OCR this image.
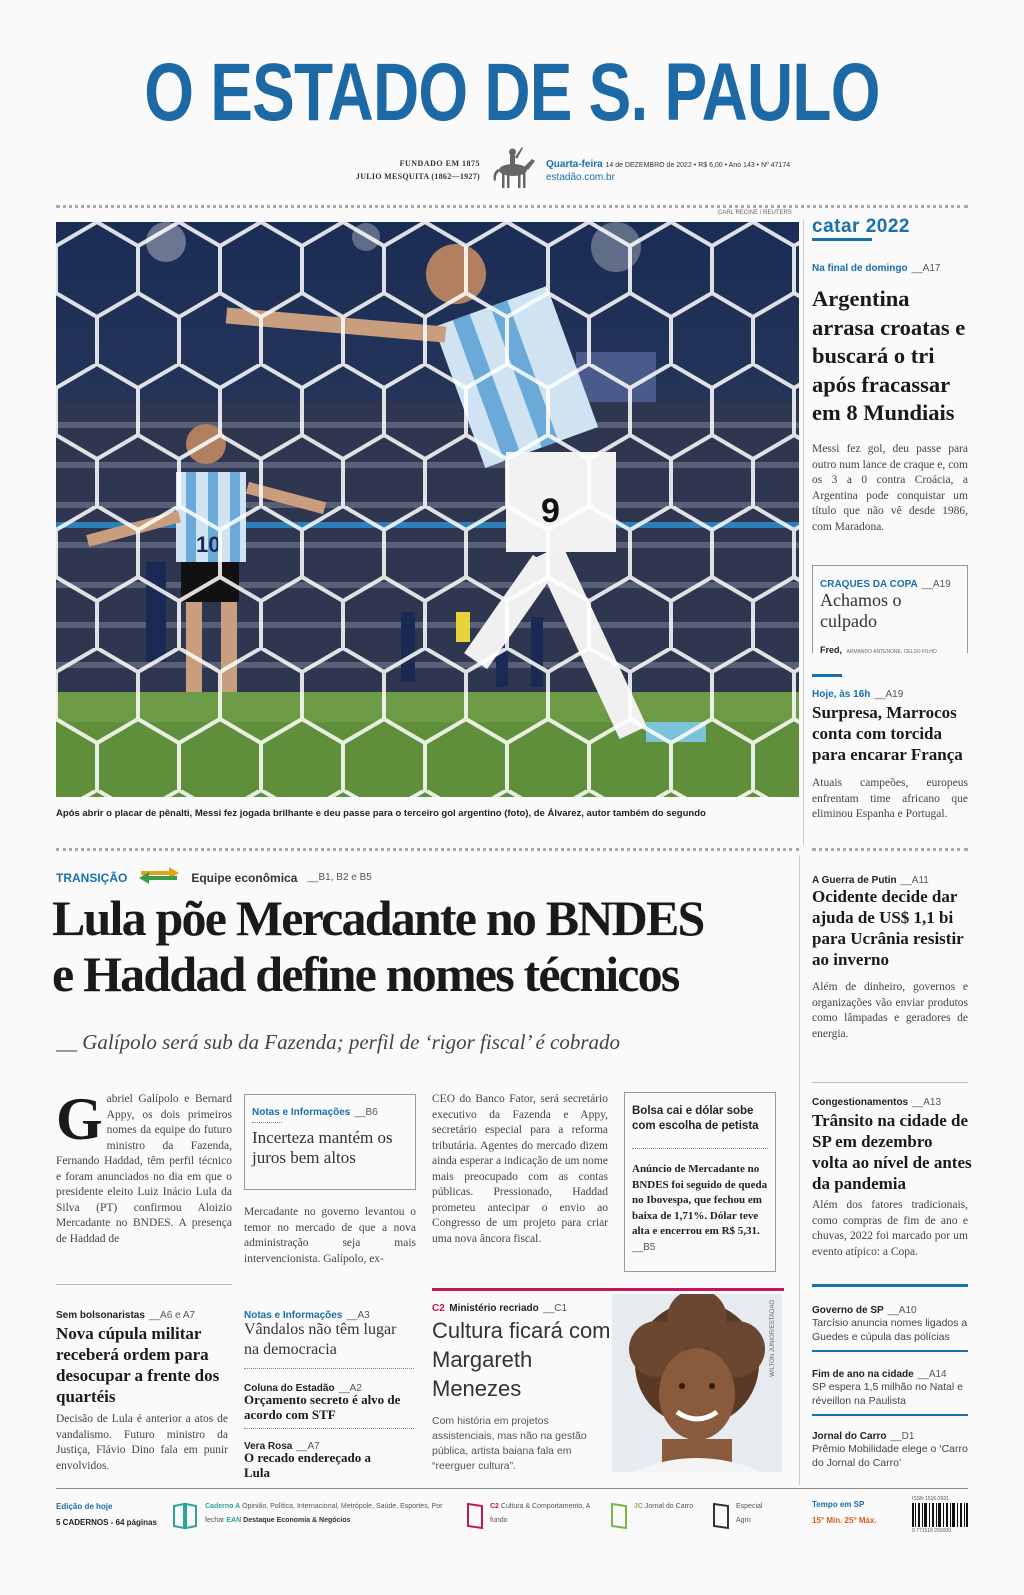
O ESTADO DE S. PAULO
FUNDADO EM 1875
JULIO MESQUITA (1862—1927)
Quarta-feira 14 de DEZEMBRO de 2022 • R$ 6,00 • Ano 143 • Nº 47174
estadão.com.br
CARL RECINE / REUTERS
Após abrir o placar de pênalti, Messi fez jogada brilhante e deu passe para o terceiro gol argentino (foto), de Álvarez, autor também do segundo
catar 2022
Na final de domingo __A17
Argentina arrasa croatas e buscará o tri após fracassar em 8 Mundiais
Messi fez gol, deu passe para outro num lance de craque e, com os 3 a 0 contra Croácia, a Argentina pode conquistar um título que não vê desde 1986, com Maradona.
CRAQUES DA COPA __A19
Achamos o culpado
Fred, ARMANDO ANTENORE, CELSO FILHO
Hoje, às 16h __A19
Surpresa, Marrocos conta com torcida para encarar França
Atuais campeões, europeus enfrentam time africano que eliminou Espanha e Portugal.
TRANSIÇÃO	Equipe econômica __B1, B2 e B5
Lula põe Mercadante no BNDES
e Haddad define nomes técnicos
__ Galípolo será sub da Fazenda; perfil de ‘rigor fiscal’ é cobrado
G abriel Galípolo e Bernard Appy, os dois primeiros nomes da equipe do futuro ministro da Fazenda, Fernando Haddad, têm perfil técnico e foram anunciados no dia em que o presidente eleito Luiz Inácio Lula da Silva (PT) confirmou Aloizio Mercadante no BNDES. A presença de Haddad de
Notas e Informações __B6
Incerteza mantém os juros bem altos
Mercadante no governo levantou o temor no mercado de que a nova administração seja mais intervencionista. Galípolo, ex-
CEO do Banco Fator, será secretário executivo da Fazenda e Appy, secretário especial para a reforma tributária. Agentes do mercado dizem ainda esperar a indicação de um nome mais preocupado com as contas públicas. Pressionado, Haddad prometeu antecipar o envio ao Congresso de um projeto para criar uma nova âncora fiscal.
Bolsa cai e dólar sobe com escolha de petista
Anúncio de Mercadante no BNDES foi seguido de queda no Ibovespa, que fechou em baixa de 1,71%. Dólar teve alta e encerrou em R$ 5,31. __B5
A Guerra de Putin __A11
Ocidente decide dar ajuda de US$ 1,1 bi para Ucrânia resistir ao inverno
Além de dinheiro, governos e organizações vão enviar produtos como lâmpadas e geradores de energia.
Congestionamentos __A13
Trânsito na cidade de SP em dezembro volta ao nível de antes da pandemia
Além dos fatores tradicionais, como compras de fim de ano e chuvas, 2022 foi marcado por um evento atípico: a Copa.
Sem bolsonaristas __A6 e A7
Nova cúpula militar receberá ordem para desocupar a frente dos quartéis
Decisão de Lula é anterior a atos de vandalismo. Futuro ministro da Justiça, Flávio Dino fala em punir envolvidos.
Notas e Informações __A3
Vândalos não têm lugar na democracia
Coluna do Estadão __A2
Orçamento secreto é alvo de acordo com STF
Vera Rosa __A7
O recado endereçado a Lula
C2 Ministério recriado __C1
Cultura ficará com Margareth Menezes
Com história em projetos assistenciais, mas não na gestão pública, artista baiana fala em “reerguer cultura”.
WILTON JUNIOR/ESTADÃO	Governo de SP __A10
Tarcísio anuncia nomes ligados a Guedes e cúpula das polícias
Fim de ano na cidade __A14
SP espera 1,5 milhão no Natal e réveillon na Paulista
Jornal do Carro __D1
Prêmio Mobilidade elege o ‘Carro do Jornal do Carro’
Edição de hoje
5 CADERNOS - 64 páginas
Caderno A Opinião, Política, Internacional, Metrópole, Saúde, Esportes, Por fechar EAN Destaque Economia & Negócios
C2 Cultura & Comportamento, A fundo
JC Jornal do Carro	Especial
Agro
Tempo em SP
15° Mín. 25° Máx.
ISSN 1516-2931
9 771516 293009
